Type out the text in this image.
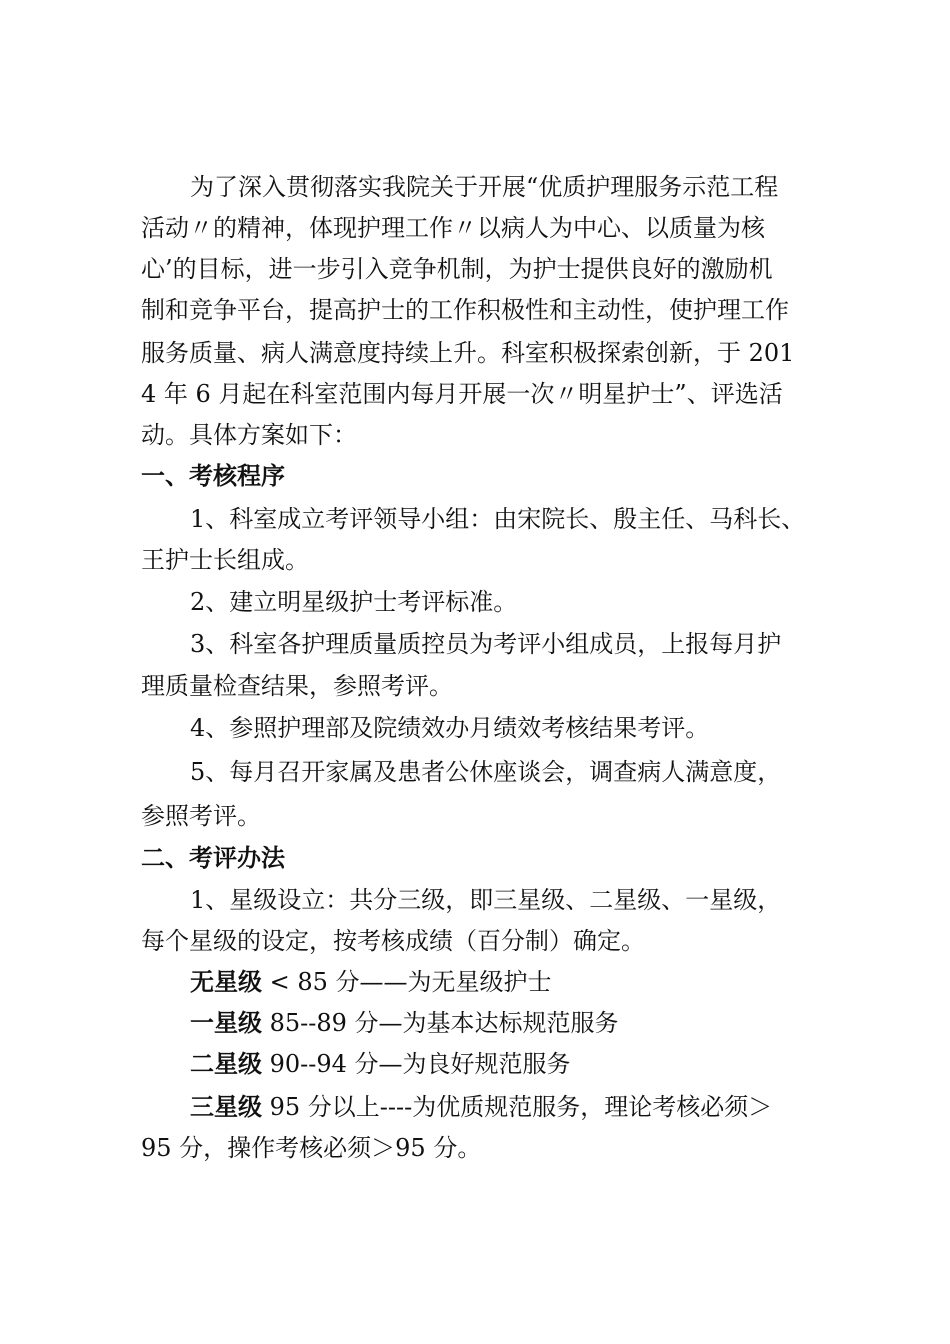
为了深入贯彻落实我院关于开展“优质护理服务示范工程
活动〃的精神，体现护理工作〃以病人为中心、以质量为核
心’的目标，进一步引入竞争机制，为护士提供良好的激励机
制和竞争平台，提高护士的工作积极性和主动性，使护理工作
服务质量、病人满意度持续上升。科室积极探索创新，于 201
4 年 6 月起在科室范围内每月开展一次〃明星护士”、评选活
动。具体方案如下：
一、考核程序
1、科室成立考评领导小组：由宋院长、殷主任、马科长、
王护士长组成。
2、建立明星级护士考评标准。
3、科室各护理质量质控员为考评小组成员，上报每月护
理质量检查结果，参照考评。
4、参照护理部及院绩效办月绩效考核结果考评。
5、每月召开家属及患者公休座谈会，调查病人满意度，
参照考评。
二、考评办法
1、星级设立：共分三级，即三星级、二星级、一星级，
每个星级的设定，按考核成绩（百分制）确定。
无星级 < 85 分——为无星级护士
一星级 85--89 分—为基本达标规范服务
二星级 90--94 分—为良好规范服务
三星级 95 分以上----为优质规范服务，理论考核必须＞
95 分，操作考核必须＞95 分。
